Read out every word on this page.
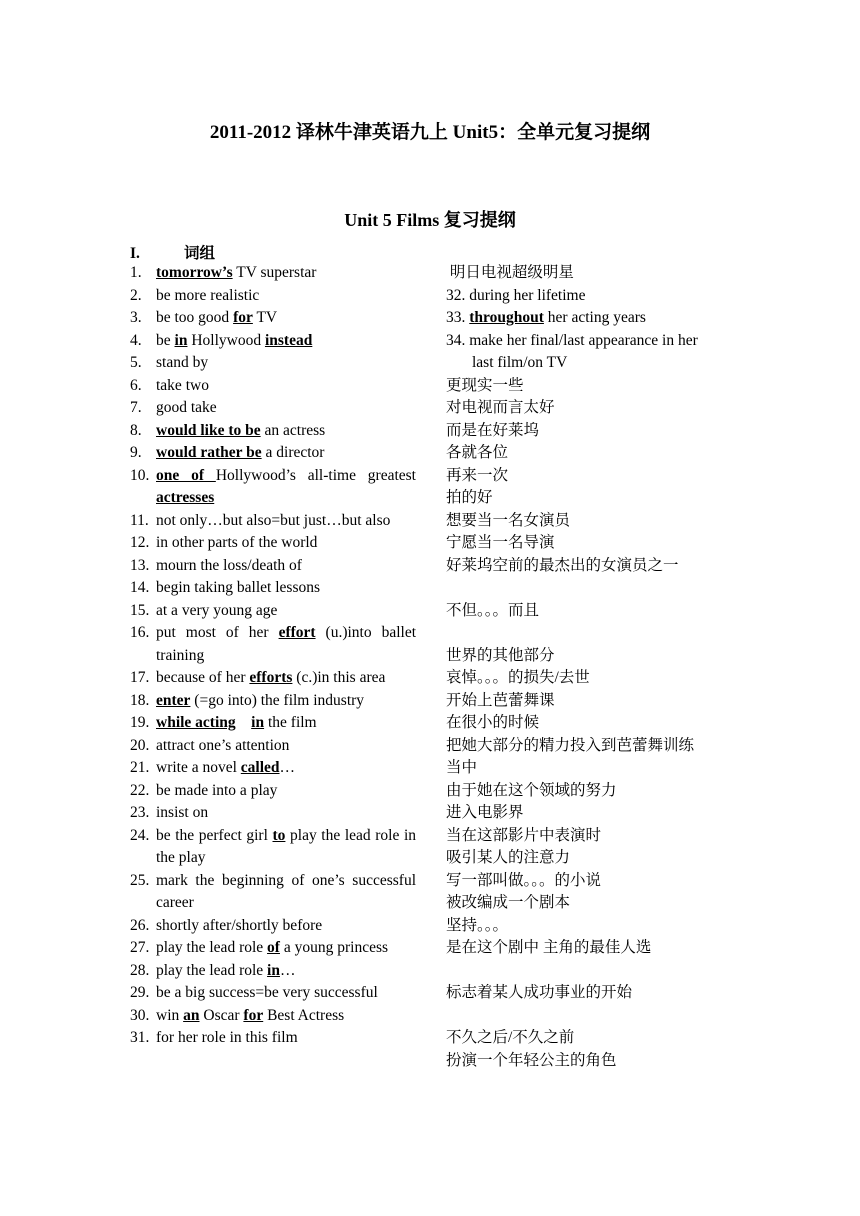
2011-2012 译林牛津英语九上 Unit5：全单元复习提纲
Unit 5 Films 复习提纲
I.	词组
1. tomorrow’s TV superstar
2. be more realistic
3. be too good for TV
4. be in Hollywood instead
5. stand by
6. take two
7. good take
8. would like to be an actress
9. would rather be a director
10. one of Hollywood’s all-time greatest actresses
11. not only…but also=but just…but also
12. in other parts of the world
13. mourn the loss/death of
14. begin taking ballet lessons
15. at a very young age
16. put most of her effort (u.)into ballet training
17. because of her efforts (c.)in this area
18. enter (=go into) the film industry
19. while acting in the film
20. attract one’s attention
21. write a novel called…
22. be made into a play
23. insist on
24. be the perfect girl to play the lead role in the play
25. mark the beginning of one’s successful career
26. shortly after/shortly before
27. play the lead role of a young princess
28. play the lead role in…
29. be a big success=be very successful
30. win an Oscar for Best Actress
31. for her role in this film
明日电视超级明星
32. during her lifetime
33. throughout her acting years
34. make her final/last appearance in her
last film/on TV
更现实一些
对电视而言太好
而是在好莱坞
各就各位
再来一次
拍的好
想要当一名女演员
宁愿当一名导演
好莱坞空前的最杰出的女演员之一
不但。。。而且
世界的其他部分
哀悼。。。的损失/去世
开始上芭蕾舞课
在很小的时候
把她大部分的精力投入到芭蕾舞训练
当中
由于她在这个领域的努力
进入电影界
当在这部影片中表演时
吸引某人的注意力
写一部叫做。。。的小说
被改编成一个剧本
坚持。。。
是在这个剧中 主角的最佳人选
标志着某人成功事业的开始
不久之后/不久之前
扮演一个年轻公主的角色
